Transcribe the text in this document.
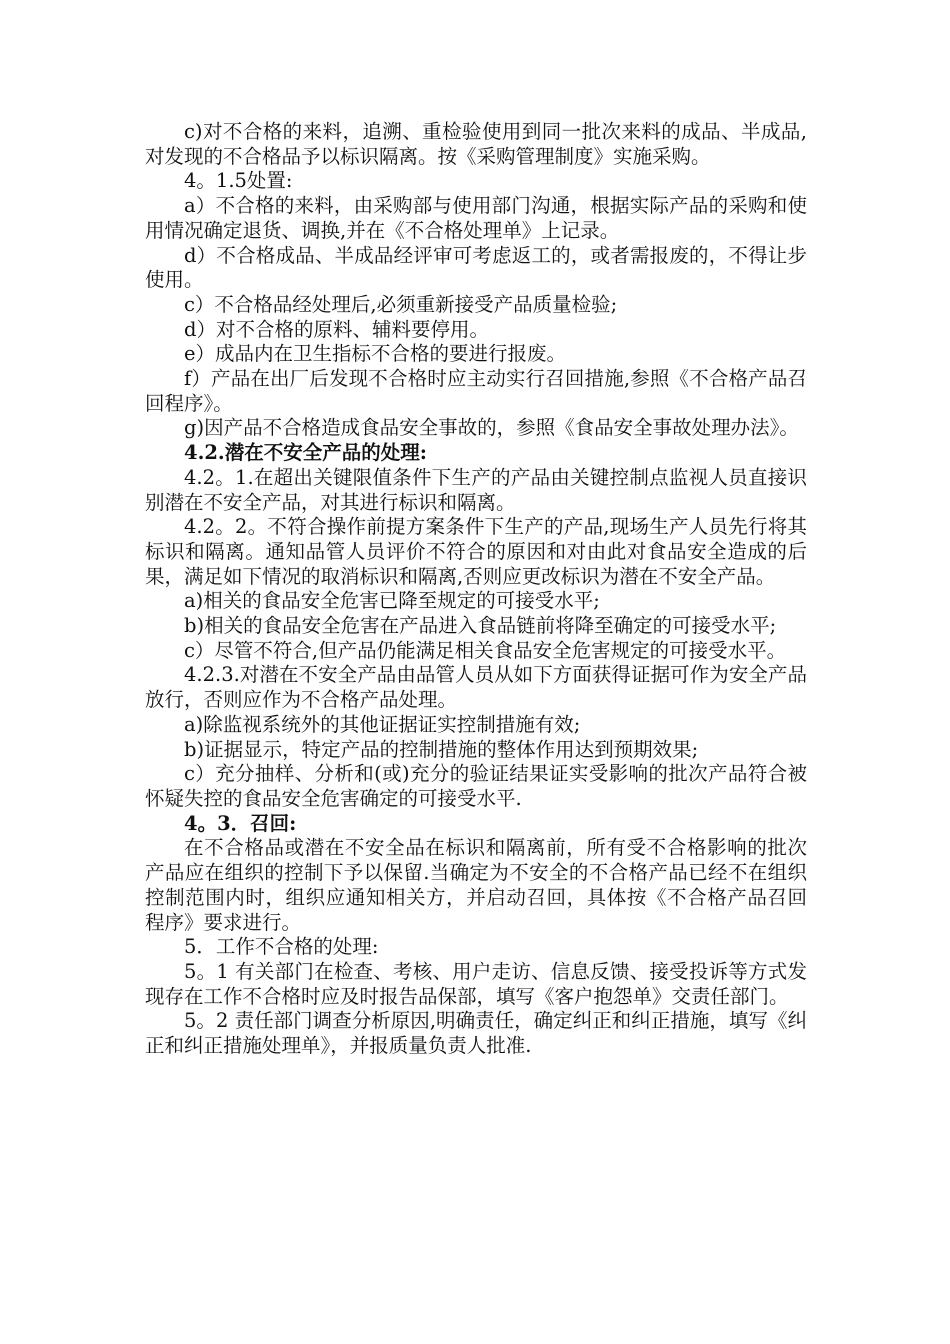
c)对不合格的来料，追溯、重检验使用到同一批次来料的成品、半成品,对发现的不合格品予以标识隔离。按《采购管理制度》实施采购。

4。1.5处置:

a）不合格的来料，由采购部与使用部门沟通，根据实际产品的采购和使用情况确定退货、调换,并在《不合格处理单》上记录。

d）不合格成品、半成品经评审可考虑返工的，或者需报废的，不得让步使用。

c）不合格品经处理后,必须重新接受产品质量检验;

d）对不合格的原料、辅料要停用。

e）成品内在卫生指标不合格的要进行报废。

f）产品在出厂后发现不合格时应主动实行召回措施,参照《不合格产品召回程序》。

g)因产品不合格造成食品安全事故的，参照《食品安全事故处理办法》。

4.2.潜在不安全产品的处理:

4.2。1.在超出关键限值条件下生产的产品由关键控制点监视人员直接识别潜在不安全产品，对其进行标识和隔离。

4.2。2。不符合操作前提方案条件下生产的产品,现场生产人员先行将其标识和隔离。通知品管人员评价不符合的原因和对由此对食品安全造成的后果，满足如下情况的取消标识和隔离,否则应更改标识为潜在不安全产品。

a)相关的食品安全危害已降至规定的可接受水平;

b)相关的食品安全危害在产品进入食品链前将降至确定的可接受水平;

c）尽管不符合,但产品仍能满足相关食品安全危害规定的可接受水平。

4.2.3.对潜在不安全产品由品管人员从如下方面获得证据可作为安全产品放行，否则应作为不合格产品处理。

a)除监视系统外的其他证据证实控制措施有效;

b)证据显示，特定产品的控制措施的整体作用达到预期效果;

c）充分抽样、分析和(或)充分的验证结果证实受影响的批次产品符合被怀疑失控的食品安全危害确定的可接受水平.

4。3．召回:

在不合格品或潜在不安全品在标识和隔离前，所有受不合格影响的批次产品应在组织的控制下予以保留.当确定为不安全的不合格产品已经不在组织控制范围内时，组织应通知相关方，并启动召回，具体按《不合格产品召回程序》要求进行。

5．工作不合格的处理:

5。1 有关部门在检查、考核、用户走访、信息反馈、接受投诉等方式发现存在工作不合格时应及时报告品保部，填写《客户抱怨单》交责任部门。

5。2 责任部门调查分析原因,明确责任，确定纠正和纠正措施，填写《纠正和纠正措施处理单》，并报质量负责人批准.
